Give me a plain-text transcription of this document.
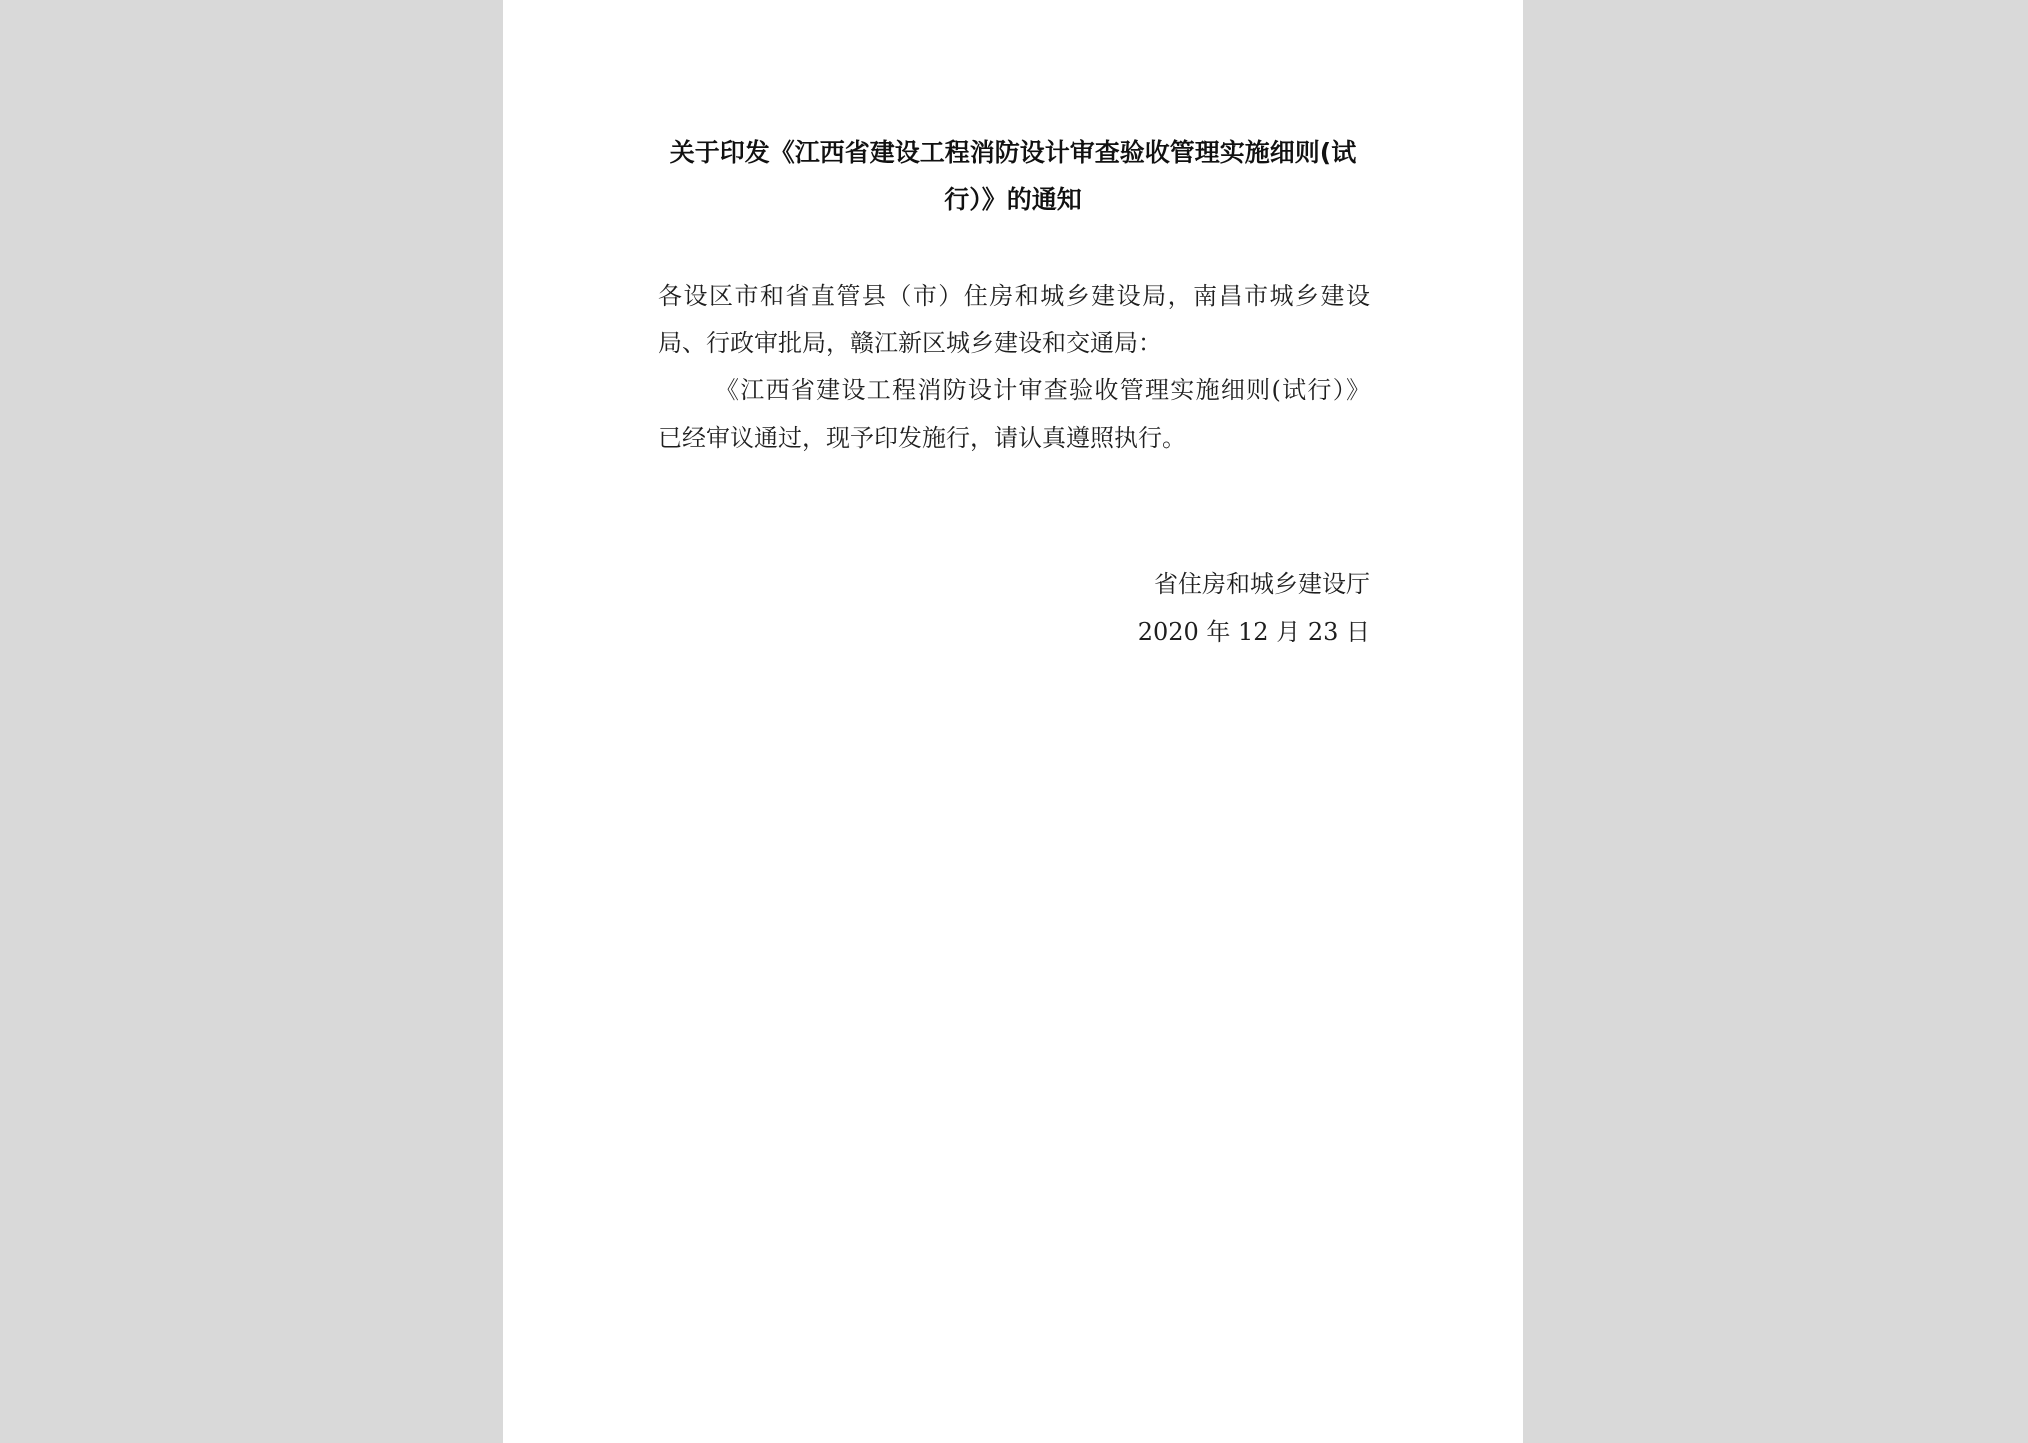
关于印发《江西省建设工程消防设计审查验收管理实施细则(试
行）》的通知
各设区市和省直管县（市）住房和城乡建设局，南昌市城乡建设
局、行政审批局，赣江新区城乡建设和交通局：
《江西省建设工程消防设计审查验收管理实施细则(试行）》
已经审议通过，现予印发施行，请认真遵照执行。
省住房和城乡建设厅
2020 年 12 月 23 日
